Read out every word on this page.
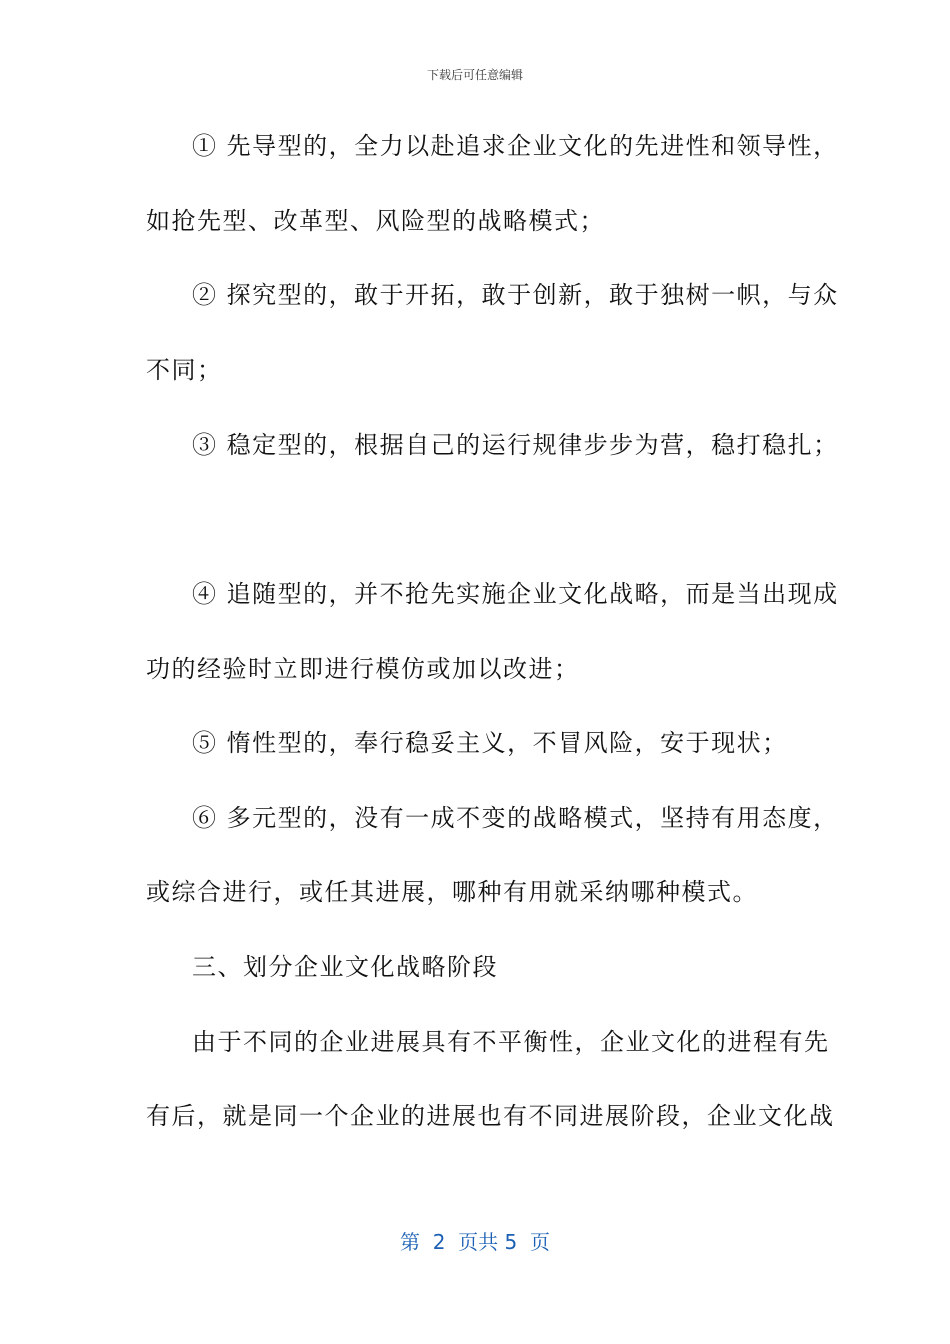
下载后可任意编辑
① 先导型的，全力以赴追求企业文化的先进性和领导性，
如抢先型、改革型、风险型的战略模式；
② 探究型的，敢于开拓，敢于创新，敢于独树一帜，与众
不同；
③ 稳定型的，根据自己的运行规律步步为营，稳打稳扎；
④ 追随型的，并不抢先实施企业文化战略，而是当出现成
功的经验时立即进行模仿或加以改进；
⑤ 惰性型的，奉行稳妥主义，不冒风险，安于现状；
⑥ 多元型的，没有一成不变的战略模式，坚持有用态度，
或综合进行，或任其进展，哪种有用就采纳哪种模式。
三、划分企业文化战略阶段
由于不同的企业进展具有不平衡性，企业文化的进程有先
有后，就是同一个企业的进展也有不同进展阶段，企业文化战
第  2  页共 5  页
